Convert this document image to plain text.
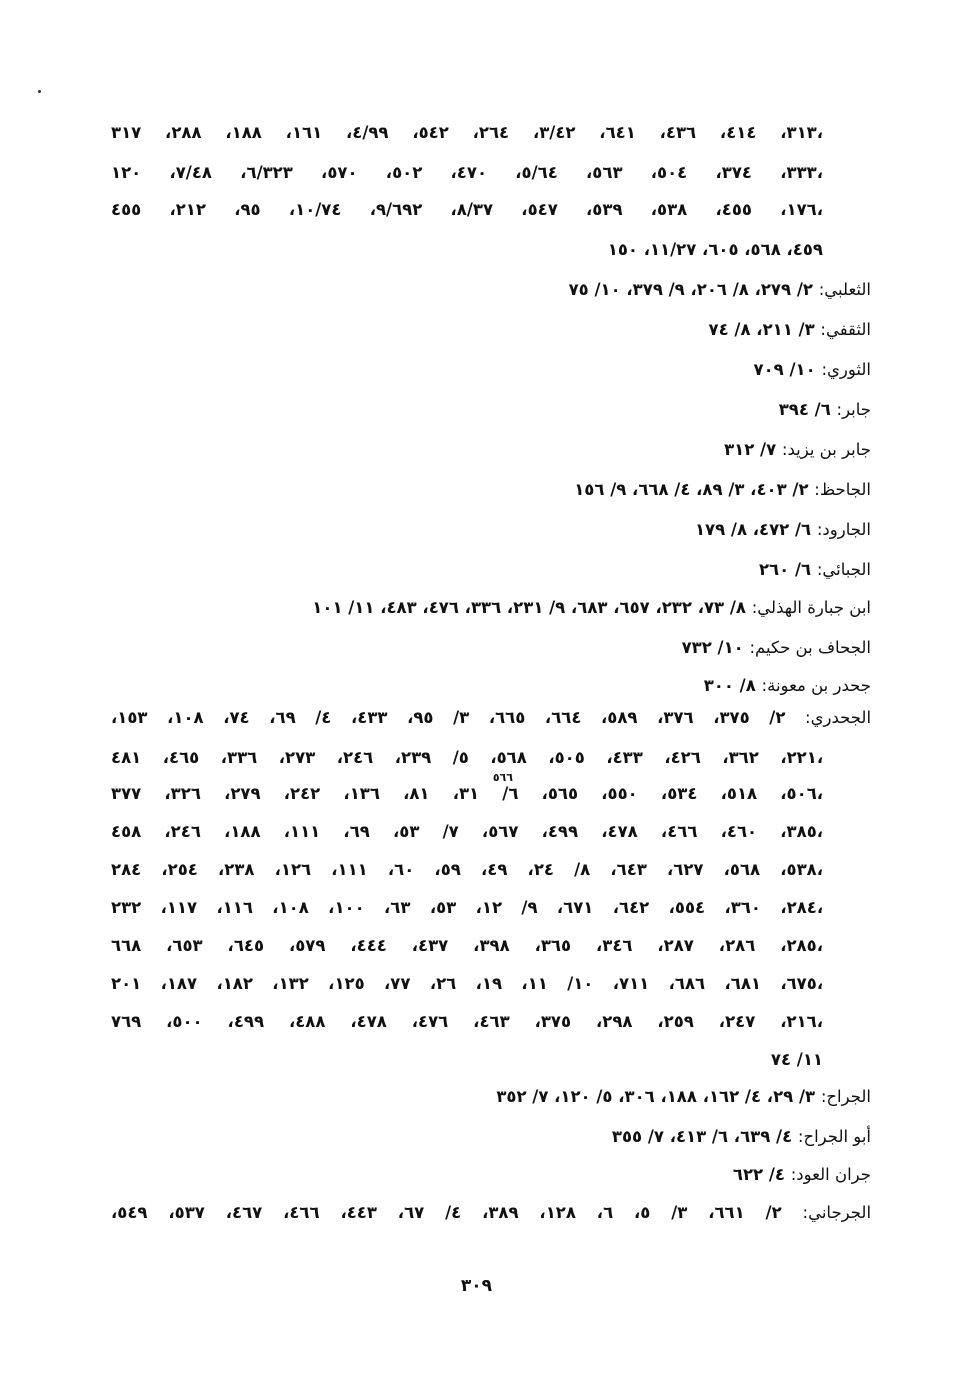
٣١٣، ٤١٤، ٤٣٦، ٦٤١، ٣/٤٢، ٢٦٤، ٥٤٢، ٤/٩٩، ١٦١، ١٨٨، ٢٨٨، ٣١٧،
٣٣٣، ٣٧٤، ٥٠٤، ٥٦٣، ٥/٦٤، ٤٧٠، ٥٠٢، ٥٧٠، ٦/٣٢٣، ٧/٤٨، ١٢٠،
١٧٦، ٤٥٥، ٥٣٨، ٥٣٩، ٥٤٧، ٨/٣٧، ٩/٦٩٢، ١٠/٧٤، ٩٥، ٢١٢، ٤٥٥،
٤٥٩، ٥٦٨، ٦٠٥، ١١/٢٧، ١٥٠
الثعلبي: ٢/ ٢٧٩، ٨/ ٢٠٦، ٩/ ٣٧٩، ١٠/ ٧٥
الثقفي: ٣/ ٢١١، ٨/ ٧٤
الثوري: ١٠/ ٧٠٩
جابر: ٦/ ٣٩٤
جابر بن يزيد: ٧/ ٣١٢
الجاحظ: ٢/ ٤٠٣، ٣/ ٨٩، ٤/ ٦٦٨، ٩/ ١٥٦
الجارود: ٦/ ٤٧٢، ٨/ ١٧٩
الجبائي: ٦/ ٢٦٠
ابن جبارة الهذلي: ٨/ ٧٣، ٢٣٢، ٦٥٧، ٦٨٣، ٩/ ٢٣١، ٣٣٦، ٤٧٦، ٤٨٣، ١١/ ١٠١
الجحاف بن حكيم: ١٠/ ٧٣٢
جحدر بن معونة: ٨/ ٣٠٠
الجحدري: ٢/ ٣٧٥، ٣٧٦، ٥٨٩، ٦٦٤، ٦٦٥، ٣/ ٩٥، ٤٣٣، ٤/ ٦٩، ٧٤، ١٠٨، ١٥٣،
٢٢١، ٣٦٢، ٤٢٦، ٤٣٣، ٥٠٥، ٥٦٨، ٥/ ٢٣٩، ٢٤٦، ٢٧٣، ٣٣٦، ٤٦٥، ٤٨١،
٥٠٦، ٥١٨، ٥٣٤، ٥٥٠، ٥٦٥، ٦/ ٣١، ٨١، ١٣٦، ٢٤٢، ٢٧٩، ٣٢٦، ٣٧٧،
٣٨٥، ٤٦٠، ٤٦٦، ٤٧٨، ٤٩٩، ٥٦٧، ٧/ ٥٣، ٦٩، ١١١، ١٨٨، ٢٤٦، ٤٥٨،
٥٣٨، ٥٦٨، ٦٢٧، ٦٤٣، ٨/ ٢٤، ٤٩، ٥٩، ٦٠، ١١١، ١٢٦، ٢٣٨، ٢٥٤، ٢٨٤،
٢٨٤، ٣٦٠، ٥٥٤، ٦٤٢، ٦٧١، ٩/ ١٢، ٥٣، ٦٣، ١٠٠، ١٠٨، ١١٦، ١١٧، ٢٣٢،
٢٨٥، ٢٨٦، ٢٨٧، ٣٤٦، ٣٦٥، ٣٩٨، ٤٣٧، ٤٤٤، ٥٧٩، ٦٤٥، ٦٥٣، ٦٦٨،
٦٧٥، ٦٨١، ٦٨٦، ٧١١، ١٠/ ١١، ١٩، ٢٦، ٧٧، ١٢٥، ١٣٢، ١٨٢، ١٨٧، ٢٠١،
٢١٦، ٢٤٧، ٢٥٩، ٢٩٨، ٣٧٥، ٤٦٣، ٤٧٦، ٤٧٨، ٤٨٨، ٤٩٩، ٥٠٠، ٧٦٩،
١١/ ٧٤
الجراح: ٣/ ٢٩، ٤/ ١٦٢، ١٨٨، ٣٠٦، ٥/ ١٢٠، ٧/ ٣٥٢
أبو الجراح: ٤/ ٦٣٩، ٦/ ٤١٣، ٧/ ٣٥٥
جران العود: ٤/ ٦٢٢
الجرجاني: ٢/ ٦٦١، ٣/ ٥، ٦، ١٢٨، ٣٨٩، ٤/ ٦٧، ٤٤٣، ٤٦٦، ٤٦٧، ٥٣٧، ٥٤٩،
٥٦٦
٣٠٩
